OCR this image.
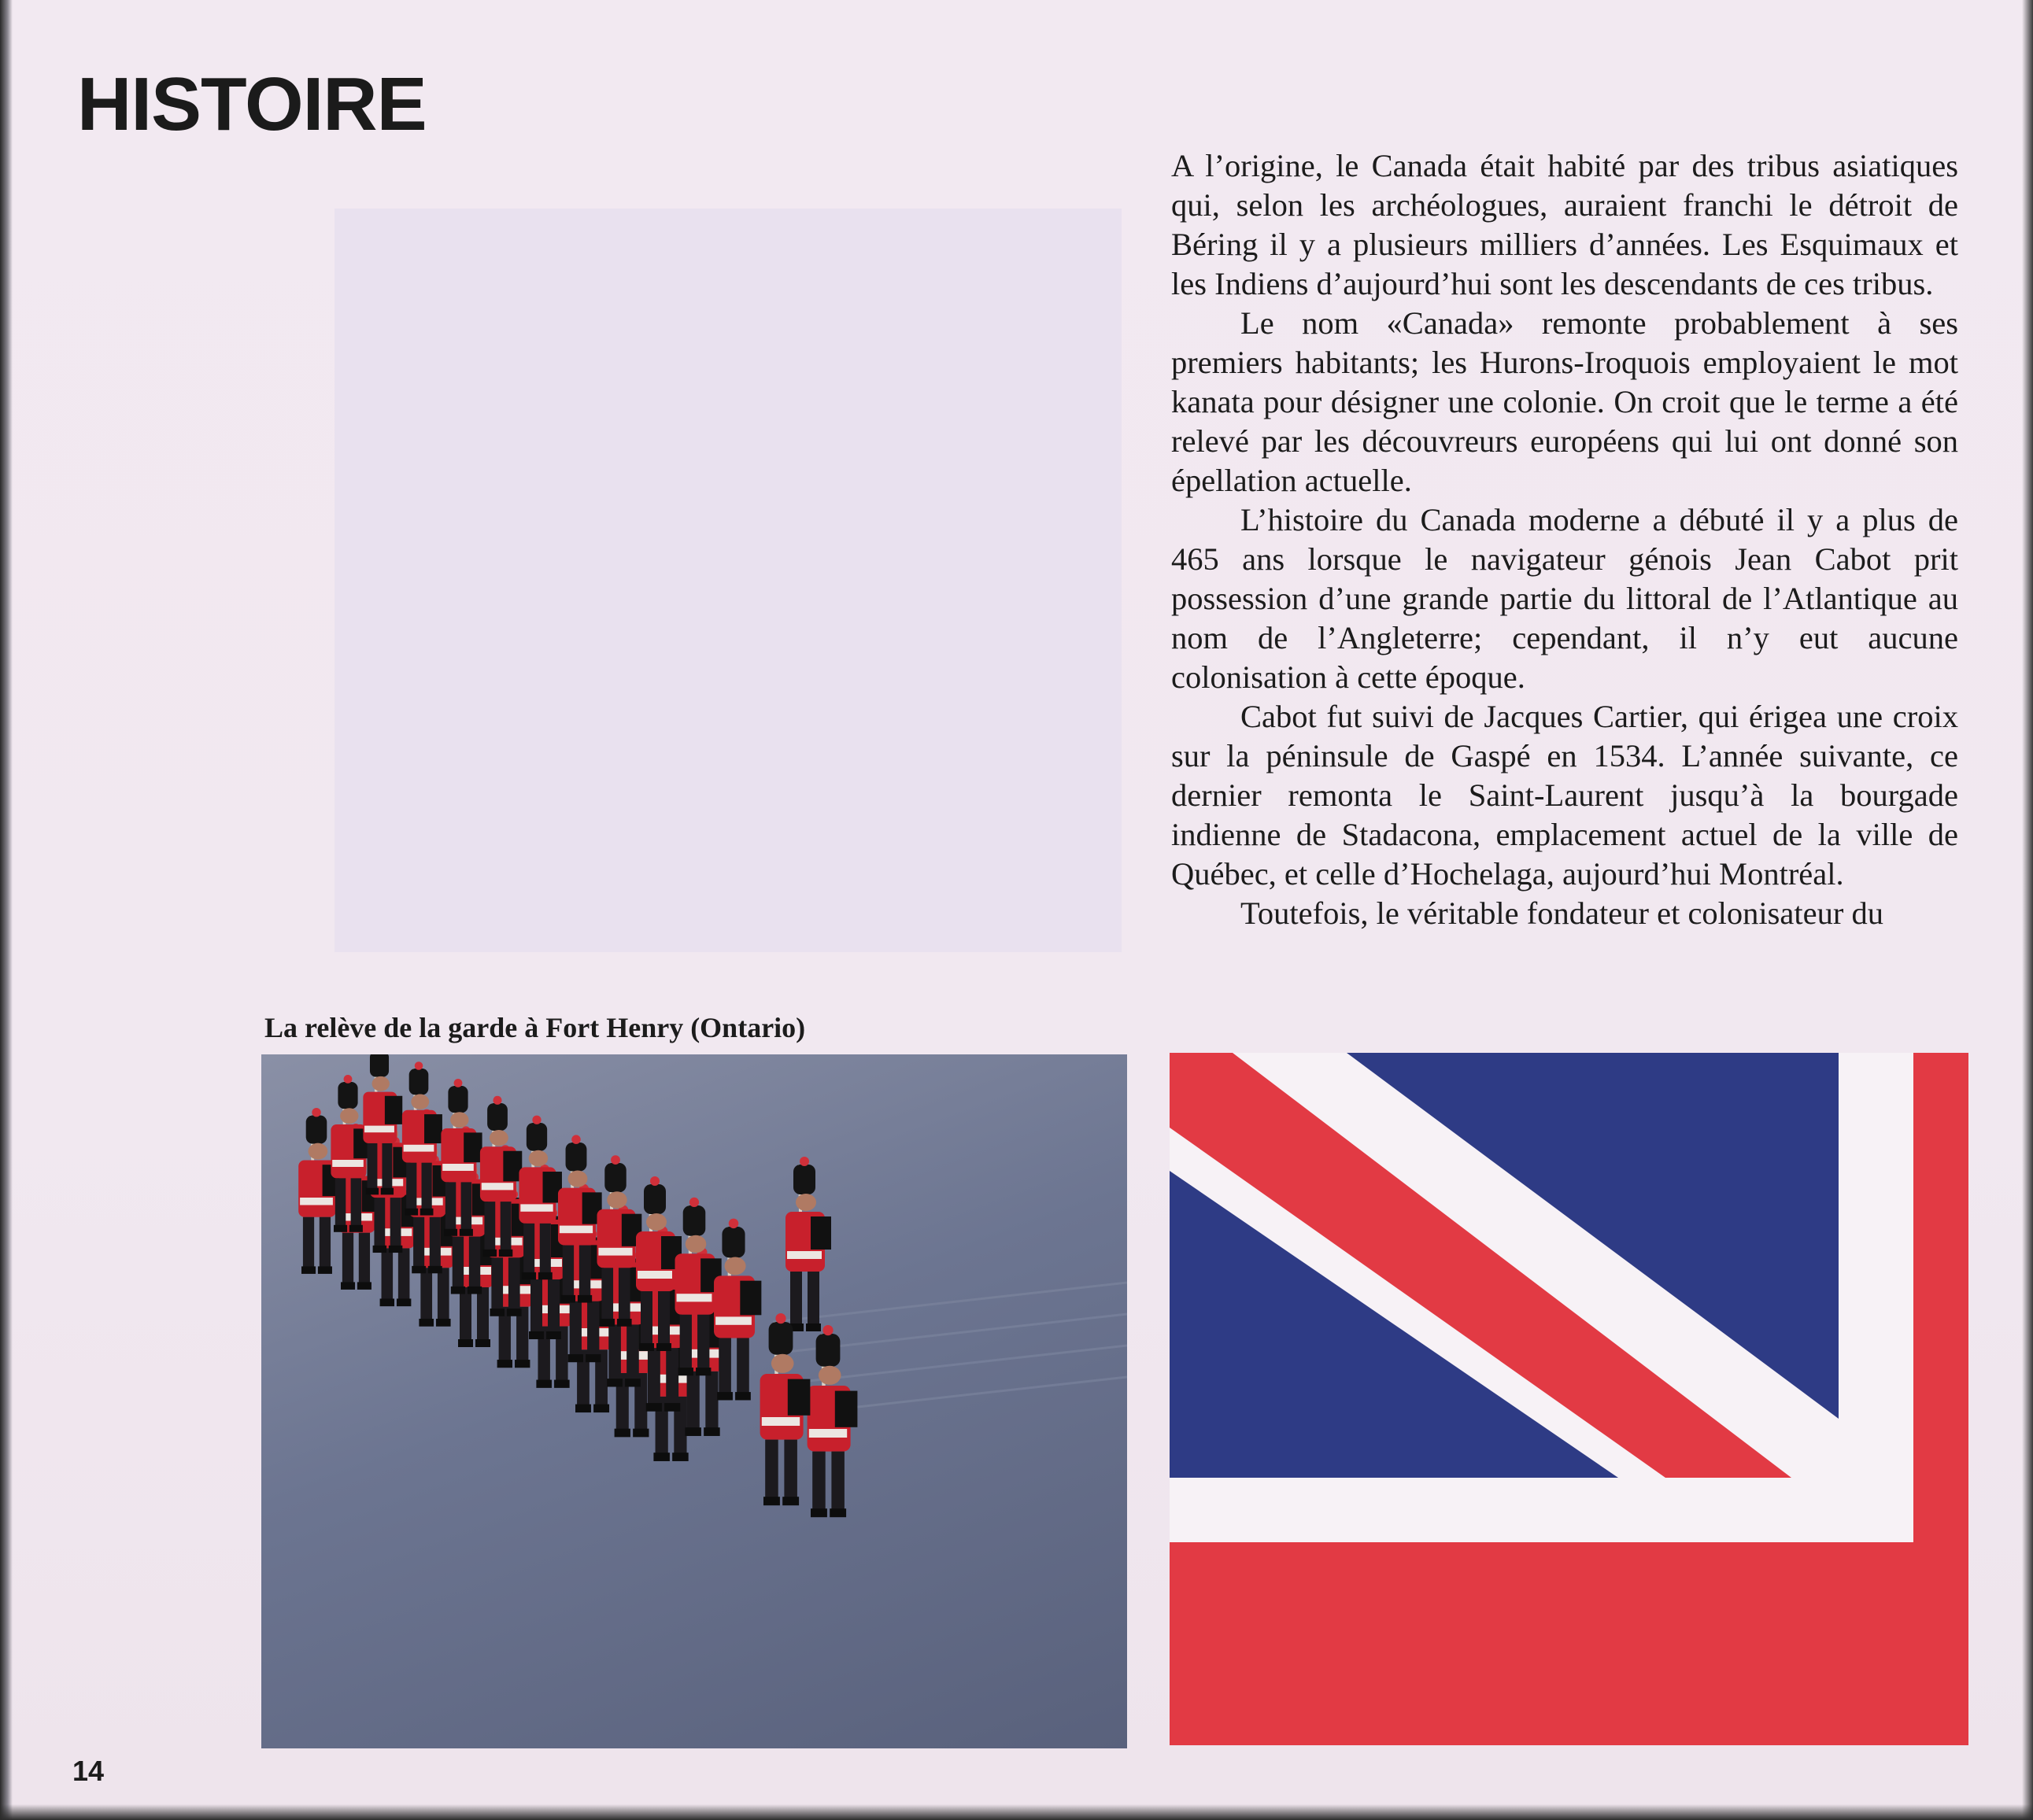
HISTOIRE

A l’origine, le Canada était habité par des tribus asiatiques qui, selon les archéologues, auraient franchi le détroit de Béring il y a plusieurs milliers d’années. Les Esquimaux et les Indiens d’aujourd’hui sont les descendants de ces tribus.

Le nom «Canada» remonte probablement à ses premiers habitants; les Hurons-Iroquois employaient le mot kanata pour désigner une colonie. On croit que le terme a été relevé par les découvreurs européens qui lui ont donné son épellation actuelle.

L’histoire du Canada moderne a débuté il y a plus de 465 ans lorsque le navigateur génois Jean Cabot prit possession d’une grande partie du littoral de l’Atlantique au nom de l’Angleterre; cependant, il n’y eut aucune colonisation à cette époque.

Cabot fut suivi de Jacques Cartier, qui érigea une croix sur la péninsule de Gaspé en 1534. L’année suivante, ce dernier remonta le Saint-Laurent jusqu’à la bourgade indienne de Stadacona, emplacement actuel de la ville de Québec, et celle d’Hochelaga, aujourd’hui Montréal.

Toutefois, le véritable fondateur et colonisateur du

La relève de la garde à Fort Henry (Ontario)
14
